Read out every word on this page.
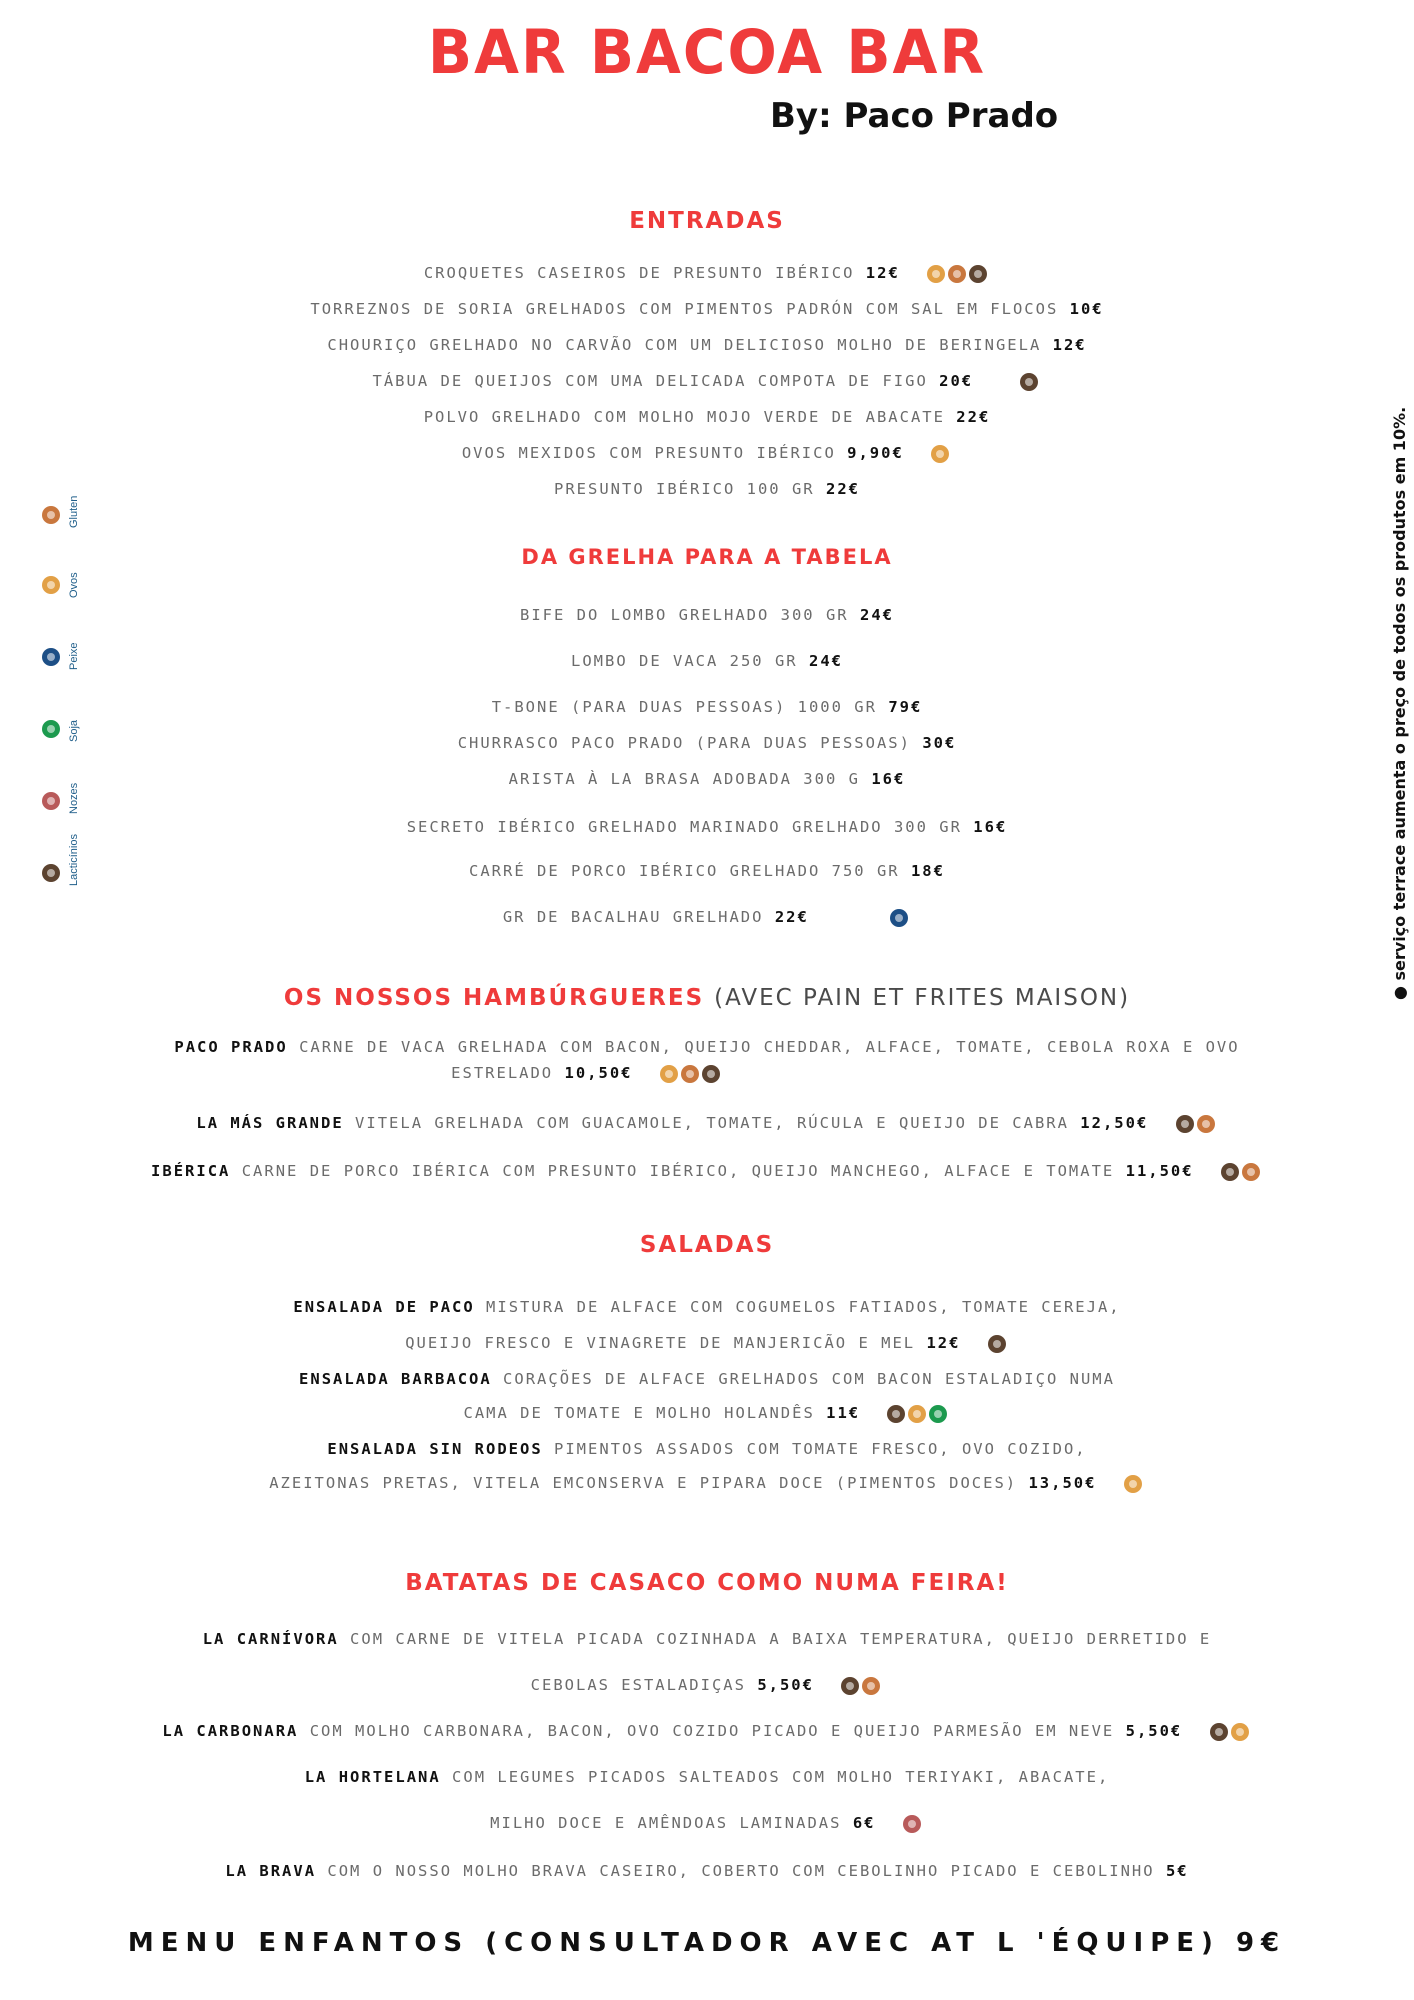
BAR BACOA BAR
By: Paco Prado
Gluten
Ovos
Peixe
Soja
Nozes
Lacticínios	● serviço terrace aumenta o preço de todos os produtos em 10%.
ENTRADAS
CROQUETES CASEIROS DE PRESUNTO IBÉRICO 12€
TORREZNOS DE SORIA GRELHADOS COM PIMENTOS PADRÓN COM SAL EM FLOCOS 10€
CHOURIÇO GRELHADO NO CARVÃO COM UM DELICIOSO MOLHO DE BERINGELA 12€
TÁBUA DE QUEIJOS COM UMA DELICADA COMPOTA DE FIGO 20€
POLVO GRELHADO COM MOLHO MOJO VERDE DE ABACATE 22€
OVOS MEXIDOS COM PRESUNTO IBÉRICO 9,90€
PRESUNTO IBÉRICO 100 GR 22€
DA GRELHA PARA A TABELA
BIFE DO LOMBO GRELHADO 300 GR 24€
LOMBO DE VACA 250 GR 24€
T-BONE (PARA DUAS PESSOAS) 1000 GR 79€
CHURRASCO PACO PRADO (PARA DUAS PESSOAS) 30€
ARISTA À LA BRASA ADOBADA 300 G 16€
SECRETO IBÉRICO GRELHADO MARINADO GRELHADO 300 GR 16€
CARRÉ DE PORCO IBÉRICO GRELHADO 750 GR 18€
GR DE BACALHAU GRELHADO 22€
OS NOSSOS HAMBÚRGUERES (AVEC PAIN ET FRITES MAISON)
PACO PRADO CARNE DE VACA GRELHADA COM BACON, QUEIJO CHEDDAR, ALFACE, TOMATE, CEBOLA ROXA E OVO
ESTRELADO 10,50€
LA MÁS GRANDE VITELA GRELHADA COM GUACAMOLE, TOMATE, RÚCULA E QUEIJO DE CABRA 12,50€
IBÉRICA CARNE DE PORCO IBÉRICA COM PRESUNTO IBÉRICO, QUEIJO MANCHEGO, ALFACE E TOMATE 11,50€
SALADAS
ENSALADA DE PACO MISTURA DE ALFACE COM COGUMELOS FATIADOS, TOMATE CEREJA,
QUEIJO FRESCO E VINAGRETE DE MANJERICÃO E MEL 12€
ENSALADA BARBACOA CORAÇÕES DE ALFACE GRELHADOS COM BACON ESTALADIÇO NUMA
CAMA DE TOMATE E MOLHO HOLANDÊS 11€
ENSALADA SIN RODEOS PIMENTOS ASSADOS COM TOMATE FRESCO, OVO COZIDO,
AZEITONAS PRETAS, VITELA EMCONSERVA E PIPARA DOCE (PIMENTOS DOCES) 13,50€
BATATAS DE CASACO COMO NUMA FEIRA!
LA CARNÍVORA COM CARNE DE VITELA PICADA COZINHADA A BAIXA TEMPERATURA, QUEIJO DERRETIDO E
CEBOLAS ESTALADIÇAS 5,50€
LA CARBONARA COM MOLHO CARBONARA, BACON, OVO COZIDO PICADO E QUEIJO PARMESÃO EM NEVE 5,50€
LA HORTELANA COM LEGUMES PICADOS SALTEADOS COM MOLHO TERIYAKI, ABACATE,
MILHO DOCE E AMÊNDOAS LAMINADAS 6€
LA BRAVA COM O NOSSO MOLHO BRAVA CASEIRO, COBERTO COM CEBOLINHO PICADO E CEBOLINHO 5€
MENU ENFANTOS (CONSULTADOR AVEC AT L 'ÉQUIPE) 9€
